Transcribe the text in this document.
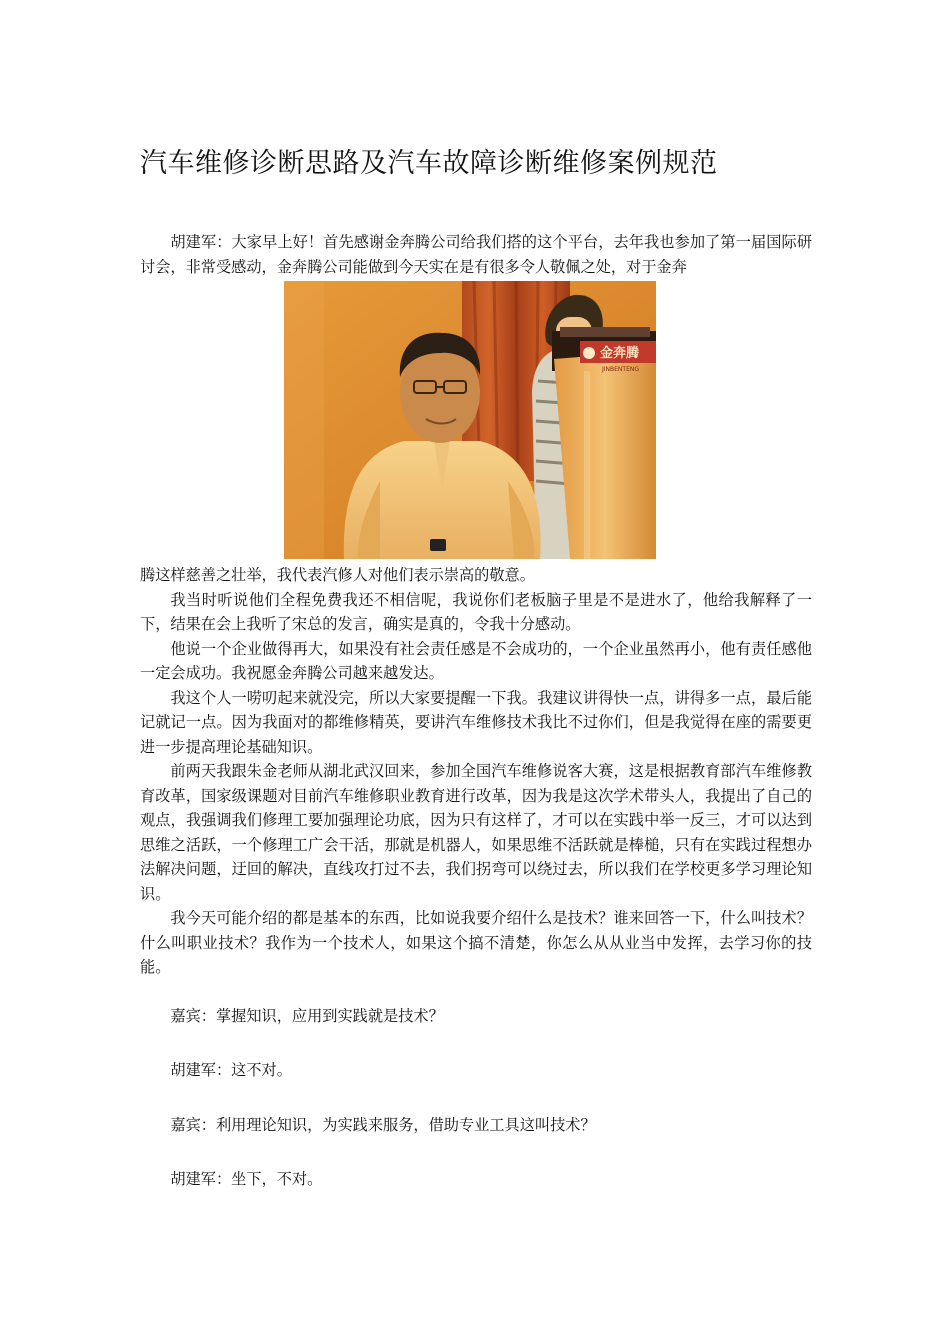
汽车维修诊断思路及汽车故障诊断维修案例规范

胡建军：大家早上好！首先感谢金奔腾公司给我们搭的这个平台，去年我也参加了第一届国际研讨会，非常受感动，金奔腾公司能做到今天实在是有很多令人敬佩之处，对于金奔

金奔腾
JINBENTENG

腾这样慈善之壮举，我代表汽修人对他们表示崇高的敬意。

我当时听说他们全程免费我还不相信呢，我说你们老板脑子里是不是进水了，他给我解释了一下，结果在会上我听了宋总的发言，确实是真的，令我十分感动。

他说一个企业做得再大，如果没有社会责任感是不会成功的，一个企业虽然再小，他有责任感他一定会成功。我祝愿金奔腾公司越来越发达。

我这个人一唠叨起来就没完，所以大家要提醒一下我。我建议讲得快一点，讲得多一点，最后能记就记一点。因为我面对的都维修精英，要讲汽车维修技术我比不过你们，但是我觉得在座的需要更进一步提高理论基础知识。

前两天我跟朱金老师从湖北武汉回来，参加全国汽车维修说客大赛，这是根据教育部汽车维修教育改革，国家级课题对目前汽车维修职业教育进行改革，因为我是这次学术带头人，我提出了自己的观点，我强调我们修理工要加强理论功底，因为只有这样了，才可以在实践中举一反三，才可以达到思维之活跃，一个修理工广会干活，那就是机器人，如果思维不活跃就是棒槌，只有在实践过程想办法解决问题，迂回的解决，直线攻打过不去，我们拐弯可以绕过去，所以我们在学校更多学习理论知识。

我今天可能介绍的都是基本的东西，比如说我要介绍什么是技术？谁来回答一下，什么叫技术？什么叫职业技术？我作为一个技术人，如果这个搞不清楚，你怎么从从业当中发挥，去学习你的技能。

嘉宾：掌握知识，应用到实践就是技术？

胡建军：这不对。

嘉宾：利用理论知识，为实践来服务，借助专业工具这叫技术？

胡建军：坐下，不对。
